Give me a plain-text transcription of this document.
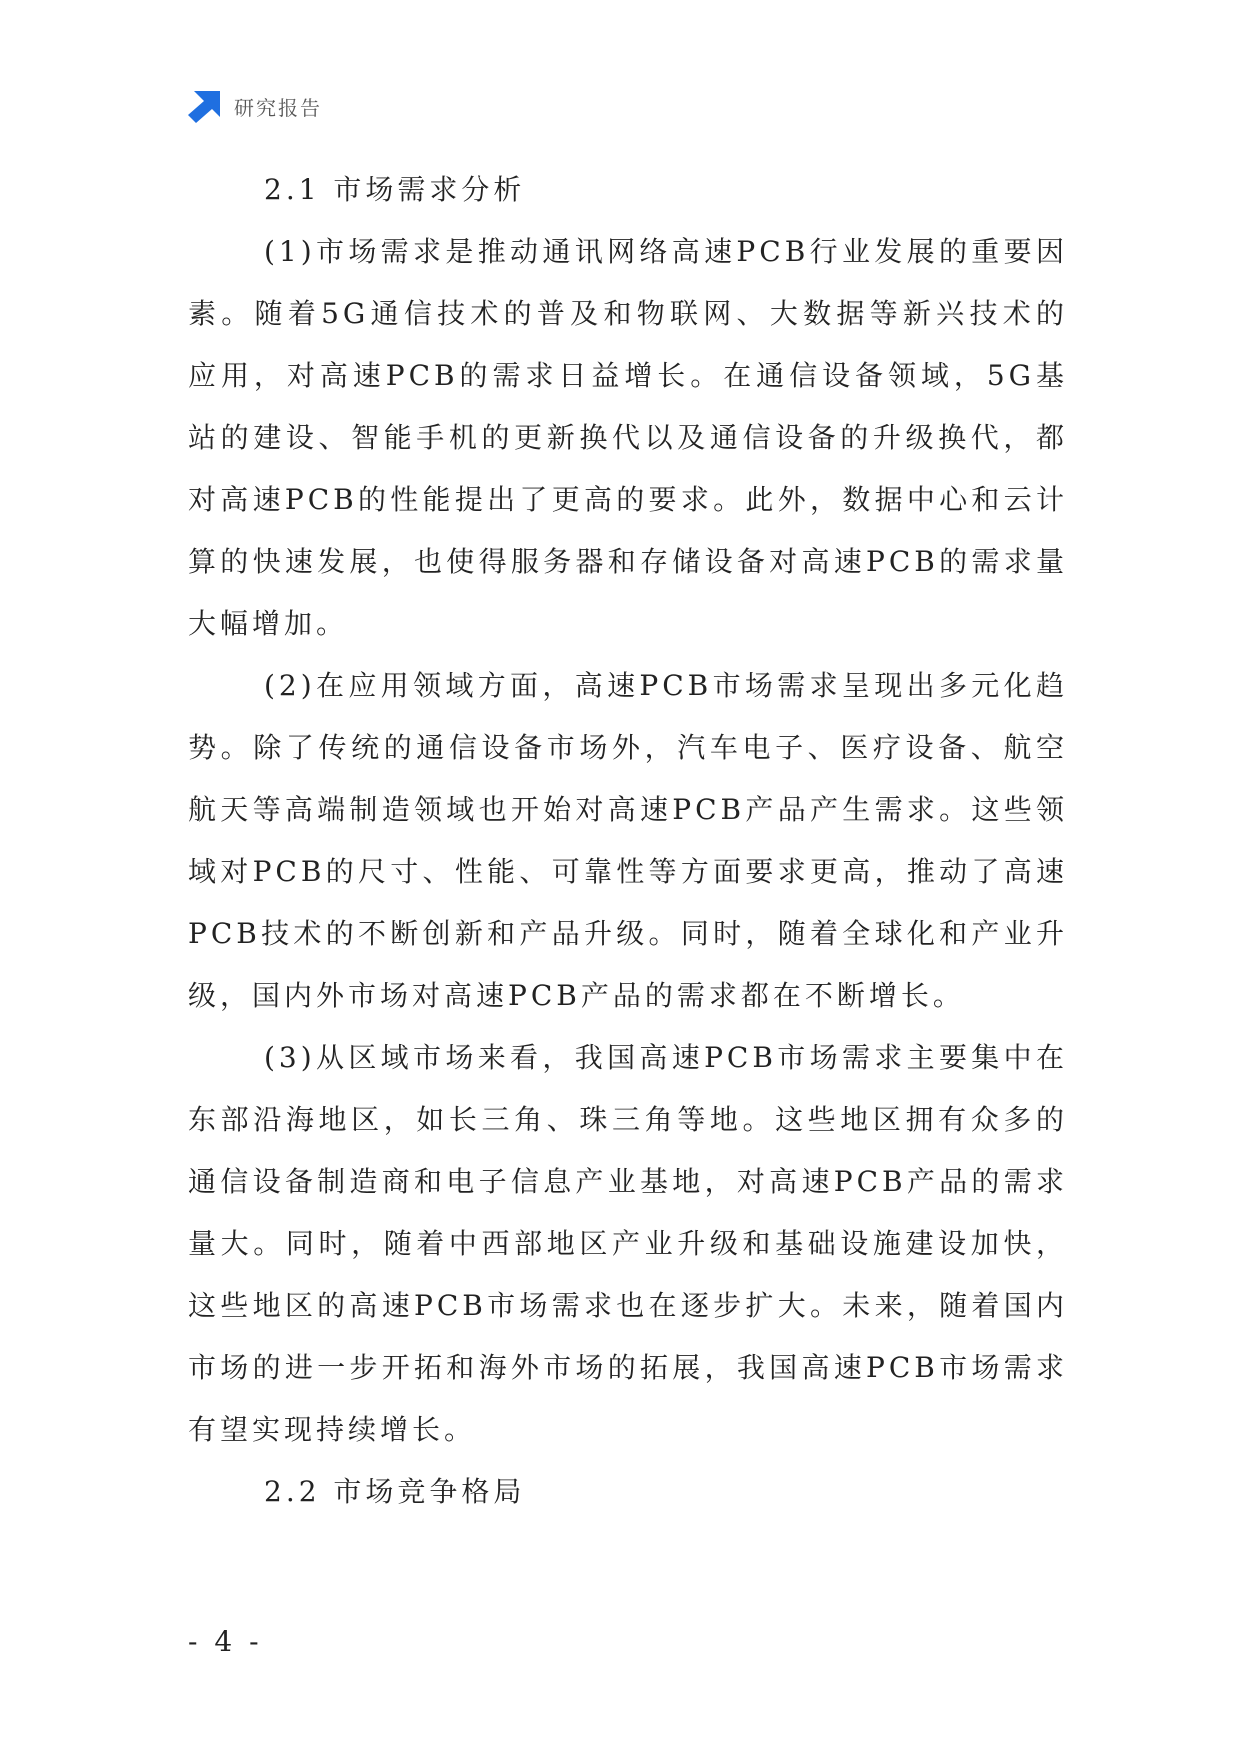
研究报告
2.1 市场需求分析

(1)市场需求是推动通讯网络高速PCB行业发展的重要因素。随着5G通信技术的普及和物联网、大数据等新兴技术的应用，对高速PCB的需求日益增长。在通信设备领域，5G基站的建设、智能手机的更新换代以及通信设备的升级换代，都对高速PCB的性能提出了更高的要求。此外，数据中心和云计算的快速发展，也使得服务器和存储设备对高速PCB的需求量大幅增加。

(2)在应用领域方面，高速PCB市场需求呈现出多元化趋势。除了传统的通信设备市场外，汽车电子、医疗设备、航空航天等高端制造领域也开始对高速PCB产品产生需求。这些领域对PCB的尺寸、性能、可靠性等方面要求更高，推动了高速PCB技术的不断创新和产品升级。同时，随着全球化和产业升级，国内外市场对高速PCB产品的需求都在不断增长。

(3)从区域市场来看，我国高速PCB市场需求主要集中在东部沿海地区，如长三角、珠三角等地。这些地区拥有众多的通信设备制造商和电子信息产业基地，对高速PCB产品的需求量大。同时，随着中西部地区产业升级和基础设施建设加快，这些地区的高速PCB市场需求也在逐步扩大。未来，随着国内市场的进一步开拓和海外市场的拓展，我国高速PCB市场需求有望实现持续增长。

2.2 市场竞争格局
- 4 -
